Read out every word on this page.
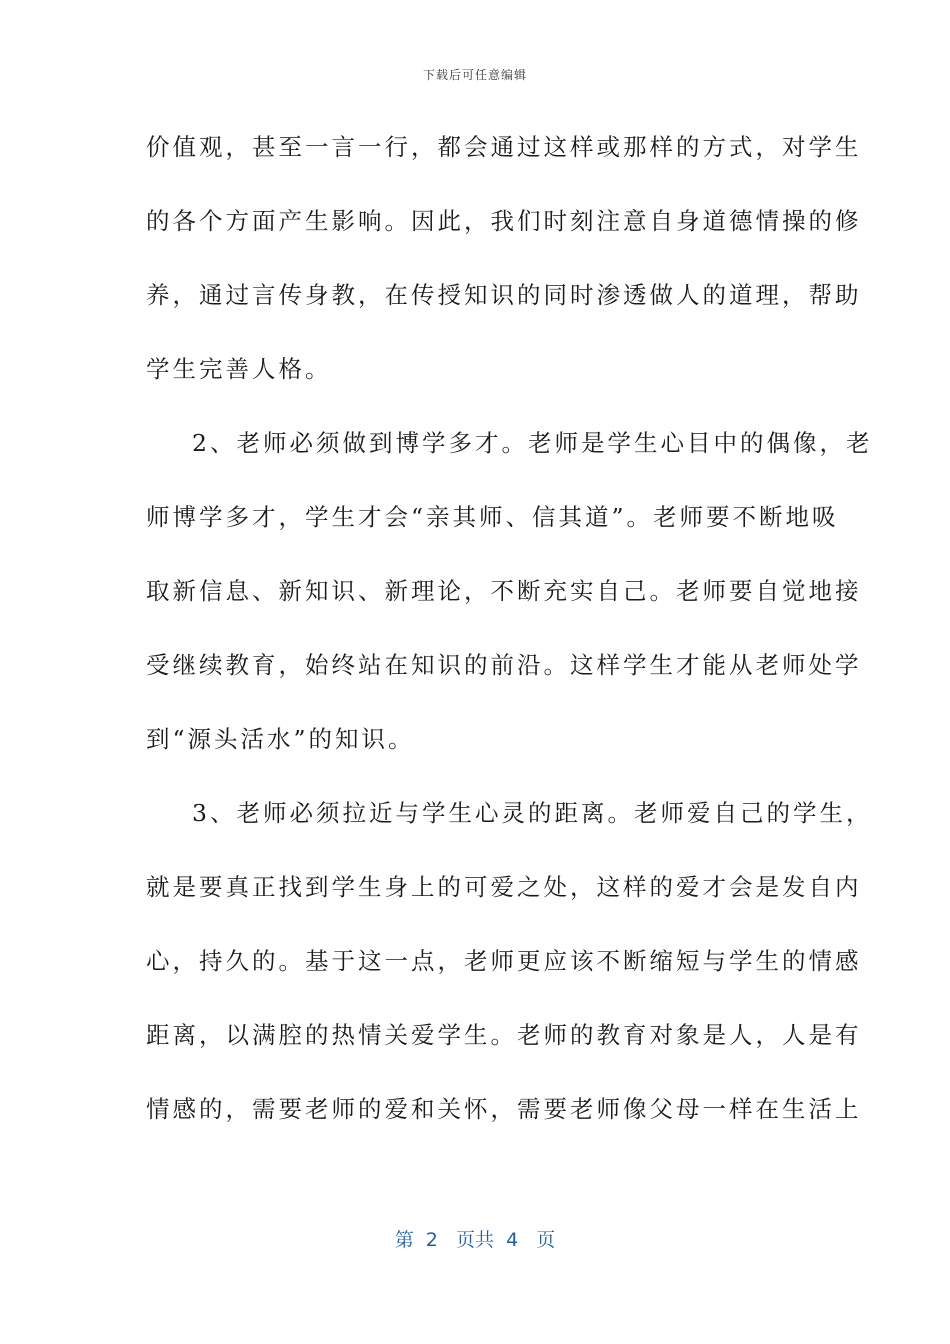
下载后可任意编辑
价值观，甚至一言一行，都会通过这样或那样的方式，对学生
的各个方面产生影响。因此，我们时刻注意自身道德情操的修
养，通过言传身教，在传授知识的同时渗透做人的道理，帮助
学生完善人格。
2、老师必须做到博学多才。老师是学生心目中的偶像，老
师博学多才，学生才会“亲其师、信其道”。老师要不断地吸
取新信息、新知识、新理论，不断充实自己。老师要自觉地接
受继续教育，始终站在知识的前沿。这样学生才能从老师处学
到“源头活水”的知识。
3、老师必须拉近与学生心灵的距离。老师爱自己的学生，
就是要真正找到学生身上的可爱之处，这样的爱才会是发自内
心，持久的。基于这一点，老师更应该不断缩短与学生的情感
距离，以满腔的热情关爱学生。老师的教育对象是人，人是有
情感的，需要老师的爱和关怀，需要老师像父母一样在生活上
第  2   页共  4   页
